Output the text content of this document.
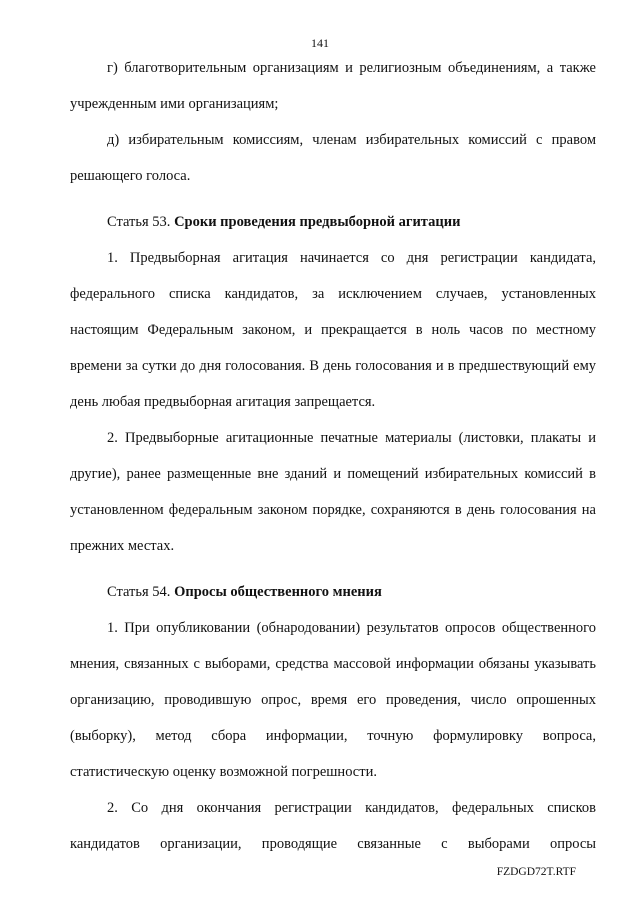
141

г) благотворительным организациям и религиозным объединениям, а также учрежденным ими организациям;

д) избирательным комиссиям, членам избирательных комиссий с правом решающего голоса.

Статья 53. Сроки проведения предвыборной агитации

1. Предвыборная агитация начинается со дня регистрации кандидата, федерального списка кандидатов, за исключением случаев, установленных настоящим Федеральным законом, и прекращается в ноль часов по местному времени за сутки до дня голосования. В день голосования и в предшествующий ему день любая предвыборная агитация запрещается.

2. Предвыборные агитационные печатные материалы (листовки, плакаты и другие), ранее размещенные вне зданий и помещений избирательных комиссий в установленном федеральным законом порядке, сохраняются в день голосования на прежних местах.

Статья 54. Опросы общественного мнения

1. При опубликовании (обнародовании) результатов опросов общественного мнения, связанных с выборами, средства массовой информации обязаны указывать организацию, проводившую опрос, время его проведения, число опрошенных (выборку), метод сбора информации, точную формулировку вопроса, статистическую оценку возможной погрешности.

2. Со дня окончания регистрации кандидатов, федеральных списков кандидатов организации, проводящие связанные с выборами опросы

FZDGD72T.RTF
